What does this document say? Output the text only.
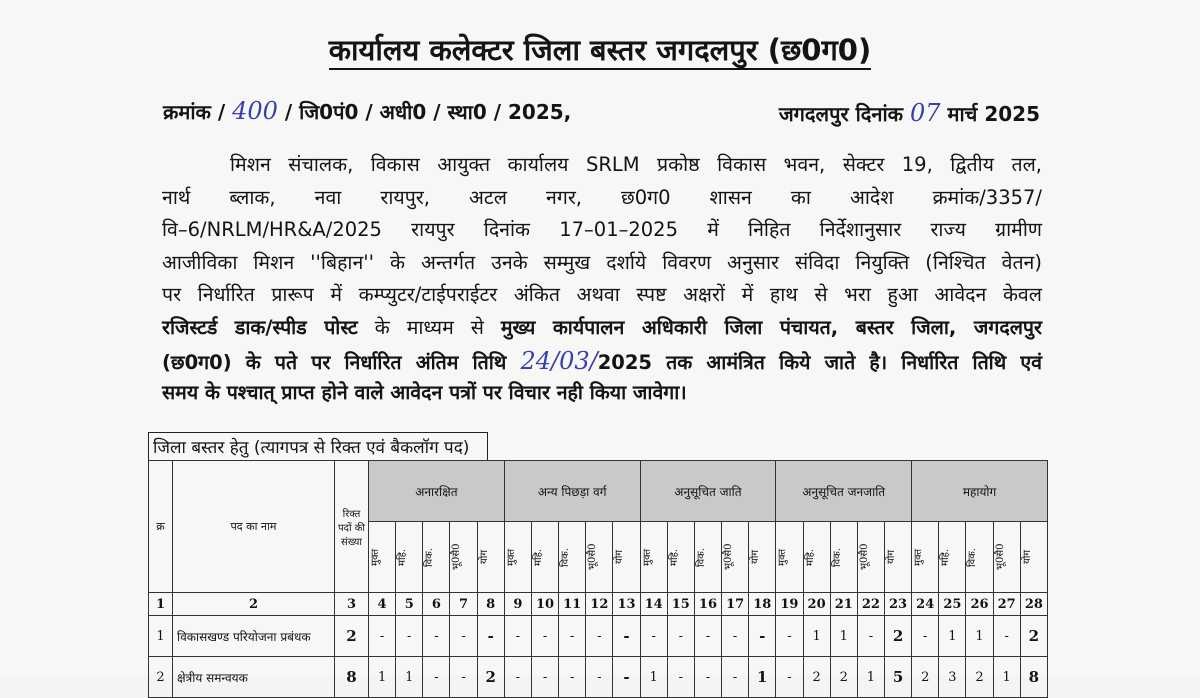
कार्यालय कलेक्टर जिला बस्तर जगदलपुर (छ0ग0)
क्रमांक / 400 / जि0पं0 / अधी0 / स्था0 / 2025,	जगदलपुर दिनांक 07 मार्च 2025
मिशन संचालक, विकास आयुक्त कार्यालय SRLM प्रकोष्ठ विकास भवन, सेक्टर 19, द्वितीय तल,
नार्थ ब्लाक, नवा रायपुर, अटल नगर, छ0ग0 शासन का आदेश क्रमांक/3357/
वि–6/NRLM/HR&A/2025 रायपुर दिनांक 17–01–2025 में निहित निर्देशानुसार राज्य ग्रामीण
आजीविका मिशन ''बिहान'' के अन्तर्गत उनके सम्मुख दर्शाये विवरण अनुसार संविदा नियुक्ति (निश्चित वेतन)
पर निर्धारित प्रारूप में कम्प्युटर/टाईपराईटर अंकित अथवा स्पष्ट अक्षरों में हाथ से भरा हुआ आवेदन केवल
रजिस्टर्ड डाक/स्पीड पोस्ट के माध्यम से मुख्य कार्यपालन अधिकारी जिला पंचायत, बस्तर जिला, जगदलपुर
(छ0ग0) के पते पर निर्धारित अंतिम तिथि 24/03/2025 तक आमंत्रित किये जाते है। निर्धारित तिथि एवं
समय के पश्चात् प्राप्त होने वाले आवेदन पत्रों पर विचार नही किया जावेगा।
जिला बस्तर हेतु (त्यागपत्र से रिक्त एवं बैकलॉग पद)
क्र	पद का नाम	रिक्त पदों की संख्या	अनारक्षित					अन्य पिछड़ा वर्ग					अनुसूचित जाति					अनुसूचित जनजाति					महायोग				

			मुक्त	महि.	विक.	भू0सै0	योग	मुक्त	महि.	विक.	भू0सै0	योग	मुक्त	महि.	विक.	भू0सै0	योग	मुक्त	महि.	विक.	भू0सै0	योग	मुक्त	महि.	विक.	भू0सै0	योग

1	2	3	4	5	6	7	8	9	10	11	12	13	14	15	16	17	18	19	20	21	22	23	24	25	26	27	28
1	विकासखण्ड परियोजना प्रबंधक	2	-	-	-	-	-	-	-	-	-	-	-	-	-	-	-	-	1	1	-	2	-	1	1	-	2
2	क्षेत्रीय समन्वयक	8	1	1	-	-	2	-	-	-	-	-	1	-	-	-	1	-	2	2	1	5	2	3	2	1	8
